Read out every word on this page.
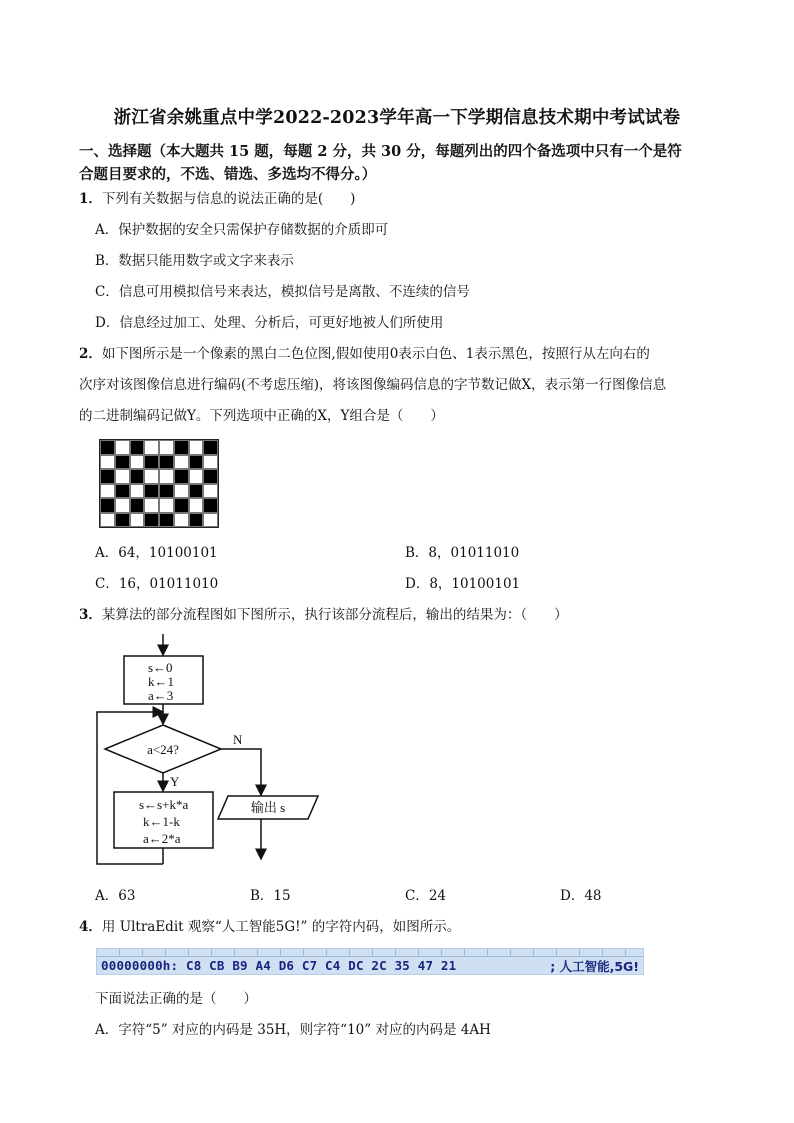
浙江省余姚重点中学2022-2023学年高一下学期信息技术期中考试试卷
一、选择题（本大题共 15 题，每题 2 分，共 30 分，每题列出的四个备选项中只有一个是符
合题目要求的，不选、错选、多选均不得分。）
1．下列有关数据与信息的说法正确的是(　　)
A．保护数据的安全只需保护存储数据的介质即可
B．数据只能用数字或文字来表示
C．信息可用模拟信号来表达，模拟信号是离散、不连续的信号
D．信息经过加工、处理、分析后，可更好地被人们所使用
2．如下图所示是一个像素的黑白二色位图,假如使用0表示白色、1表示黑色，按照行从左向右的
次序对该图像信息进行编码(不考虑压缩)，将该图像编码信息的字节数记做X，表示第一行图像信息
的二进制编码记做Y。下列选项中正确的X，Y组合是（　　）
A．64，10100101	B．8，01011010
C．16，01011010	D．8，10100101
3．某算法的部分流程图如下图所示，执行该部分流程后，输出的结果为：（　　）
s←0
k←1
a←3
a<24?
N
Y
s←s+k*a
k←1-k
a←2*a
输出 s
A．63	B．15	C．24	D．48
4．用 UltraEdit 观察“人工智能5G!” 的字符内码，如图所示。
00000000h: C8 CB B9 A4 D6 C7 C4 DC 2C 35 47 21	; 人工智能,5G!
下面说法正确的是（　　）
A．字符“5” 对应的内码是 35H，则字符“10” 对应的内码是 4AH
